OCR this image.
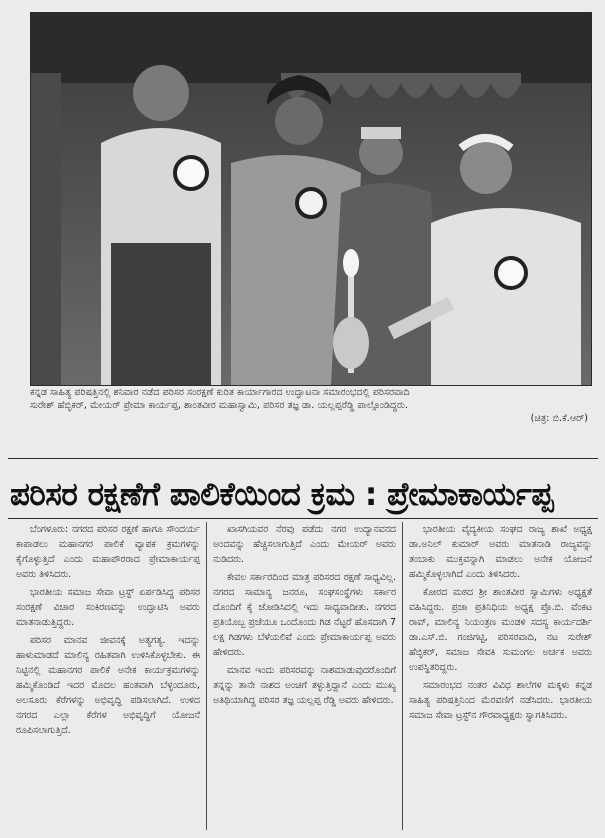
ಕನ್ನಡ ಸಾಹಿತ್ಯ ಪರಿಷತ್ತಿನಲ್ಲಿ ಶನಿವಾರ ನಡೆದ ಪರಿಸರ ಸಂರಕ್ಷಣೆ ಕುರಿತ ಕಾರ್ಯಾಗಾರದ ಉದ್ಘಾಟನಾ ಸಮಾರಂಭದಲ್ಲಿ ಪರಿಸರವಾದಿ
ಸುರೇಶ್ ಹೆಬ್ಳಿಕರ್, ಮೇಯರ್ ಪ್ರೇಮಾ ಕಾರ್ಯಪ್ಪ, ಶಾಂತವೀರ ಮಹಾಸ್ವಾಮಿ, ಪರಿಸರ ತಜ್ಞ ಡಾ. ಯಲ್ಲಪ್ಪರೆಡ್ಡಿ ಪಾಲ್ಗೊಂಡಿದ್ದರು.
(ಚಿತ್ರ: ಬಿ.ಕೆ.ಆರ್)
ಪರಿಸರ ರಕ್ಷಣೆಗೆ ಪಾಲಿಕೆಯಿಂದ ಕ್ರಮ : ಪ್ರೇಮಾಕಾರ್ಯಪ್ಪ

ಬೆಂಗಳೂರು: ನಗರದ ಪರಿಸರ ರಕ್ಷಣೆ ಹಾಗೂ ಸೌಂದರ್ಯ ಕಾಪಾಡಲು ಮಹಾನಗರ ಪಾಲಿಕೆ ವ್ಯಾಪಕ ಕ್ರಮಗಳನ್ನು ಕೈಗೊಳ್ಳುತ್ತಿದೆ ಎಂದು ಮಹಾಪೌರರಾದ ಪ್ರೇಮಾಕಾರ್ಯಪ್ಪ ಅವರು ತಿಳಿಸಿದರು.

ಭಾರತೀಯ ಸಮಾಜ ಸೇವಾ ಟ್ರಸ್ಟ್ ಏರ್ಪಡಿಸಿದ್ದ ಪರಿಸರ ಸಂರಕ್ಷಣೆ ವಿಚಾರ ಸಂಕಿರಣವನ್ನು ಉದ್ಘಾಟಿಸಿ ಅವರು ಮಾತನಾಡುತ್ತಿದ್ದರು.

ಪರಿಸರ ಮಾನವ ಜೀವನಕ್ಕೆ ಅತ್ಯಗತ್ಯ. ಇದನ್ನು ಹಾಳುಮಾಡದೆ ಮಾಲಿನ್ಯ ರಹಿತವಾಗಿ ಉಳಿಸಿಕೊಳ್ಳಬೇಕು. ಈ ನಿಟ್ಟಿನಲ್ಲಿ ಮಹಾನಗರ ಪಾಲಿಕೆ ಅನೇಕ ಕಾರ್ಯಕ್ರಮಗಳನ್ನು ಹಮ್ಮಿಕೊಂಡಿದೆ ಇದರ ಮೊದಲ ಹಂತವಾಗಿ ಬೆಳ್ಳಂದೂರು, ಅಲಸೂರು ಕೆರೆಗಳನ್ನು ಅಭಿವೃದ್ಧಿ ಪಡಿಸಲಾಗಿದೆ. ಉಳಿದ ನಗರದ ಎಲ್ಲಾ ಕೆರೆಗಳ ಅಭಿವೃದ್ಧಿಗೆ ಯೋಜನೆ ರೂಪಿಸಲಾಗುತ್ತಿದೆ.

ಖಾಸಗಿಯವರ ನೆರವು ಪಡೆದು ನಗರ ಉದ್ಯಾನವನದ ಅಂದವನ್ನು ಹೆಚ್ಚಿಸಲಾಗುತ್ತಿದೆ ಎಂದು ಮೇಯರ್ ಅವರು ನುಡಿದರು.

ಕೇವಲ ಸರ್ಕಾರದಿಂದ ಮಾತ್ರ ಪರಿಸರದ ರಕ್ಷಣೆ ಸಾಧ್ಯವಿಲ್ಲ. ನಗರದ ಸಾಮಾನ್ಯ ಜನರೂ, ಸಂಘಸಂಸ್ಥೆಗಳು ಸರ್ಕಾರ ದೊಂದಿಗೆ ಕೈ ಜೋಡಿಸಿದಲ್ಲಿ ಇದು ಸಾಧ್ಯವಾದೀತು. ನಗರದ ಪ್ರತಿಯೊಬ್ಬ ಪ್ರಜೆಯೂ ಒಂದೊಂದು ಗಿಡ ನೆಟ್ಟರೆ ಹೊಸದಾಗಿ 7 ಲಕ್ಷ ಗಿಡಗಳು ಬೆಳೆಯಲಿವೆ ಎಂದು ಪ್ರೇಮಾಕಾರ್ಯಪ್ಪ ಅವರು ಹೇಳಿದರು.

ಮಾನವ ಇಂದು ಪರಿಸರವನ್ನು ನಾಶಮಾಡುವುದರೊಂದಿಗೆ ತನ್ನನ್ನು ತಾನೇ ನಾಶದ ಅಂಚಿಗೆ ತಳ್ಳುತ್ತಿದ್ದಾನೆ ಎಂದು ಮುಖ್ಯ ಅತಿಥಿಯಾಗಿದ್ದ ಪರಿಸರ ತಜ್ಞ ಯಲ್ಲಪ್ಪ ರೆಡ್ಡಿ ಅವರು ಹೇಳಿದರು.

ಭಾರತೀಯ ವೈದ್ಯಕೀಯ ಸಂಘದ ರಾಜ್ಯ ಶಾಖೆ ಅಧ್ಯಕ್ಷ ಡಾ.ಅನಿಲ್ ಕುಮಾರ್ ಅವರು ಮಾತನಾಡಿ ರಾಜ್ಯವನ್ನು ತಂಬಾಕು ಮುಕ್ತವನ್ನಾಗಿ ಮಾಡಲು ಅನೇಕ ಯೋಜನೆ ಹಮ್ಮಿಕೊಳ್ಳಲಾಗಿದೆ ಎಂದು ತಿಳಿಸಿದರು.

ಕೋರದ ಮಠದ ಶ್ರೀ ಶಾಂತವೀರ ಸ್ವಾಮಿಗಳು ಅಧ್ಯಕ್ಷತೆ ವಹಿಸಿದ್ದರು. ಪ್ರಜಾ ಪ್ರತಿನಿಧಿಯ ಅಧ್ಯಕ್ಷ ಪ್ರೊ.ಬಿ. ವೆಂಕಟ ರಾವ್, ಮಾಲಿನ್ಯ ನಿಯಂತ್ರಣ ಮಂಡಳಿ ಸದಸ್ಯ ಕಾರ್ಯದರ್ಶಿ ಡಾ.ಎಸ್.ಬಿ. ಗಂಜಿಗಟ್ಟಿ, ಪರಿಸರವಾದಿ, ನಟ ಸುರೇಶ್ ಹೆಬ್ಳಿಕರ್, ಸಮಾಜ ಸೇವಕಿ ಸುಮಂಗಲ ಅರ್ಚಕ ಅವರು ಉಪಸ್ಥಿತರಿದ್ದರು.

ಸಮಾರಂಭದ ನಂತರ ವಿವಿಧ ಶಾಲೆಗಳ ಮಕ್ಕಳು ಕನ್ನಡ ಸಾಹಿತ್ಯ ಪರಿಷತ್ತಿನಿಂದ ಮೆರವಣಿಗೆ ನಡೆಸಿದರು. ಭಾರತೀಯ ಸಮಾಜ ಸೇವಾ ಟ್ರಸ್ಟ್‌ನ ಗೌರವಾಧ್ಯಕ್ಷರು ಸ್ವಾಗತಿಸಿದರು.
